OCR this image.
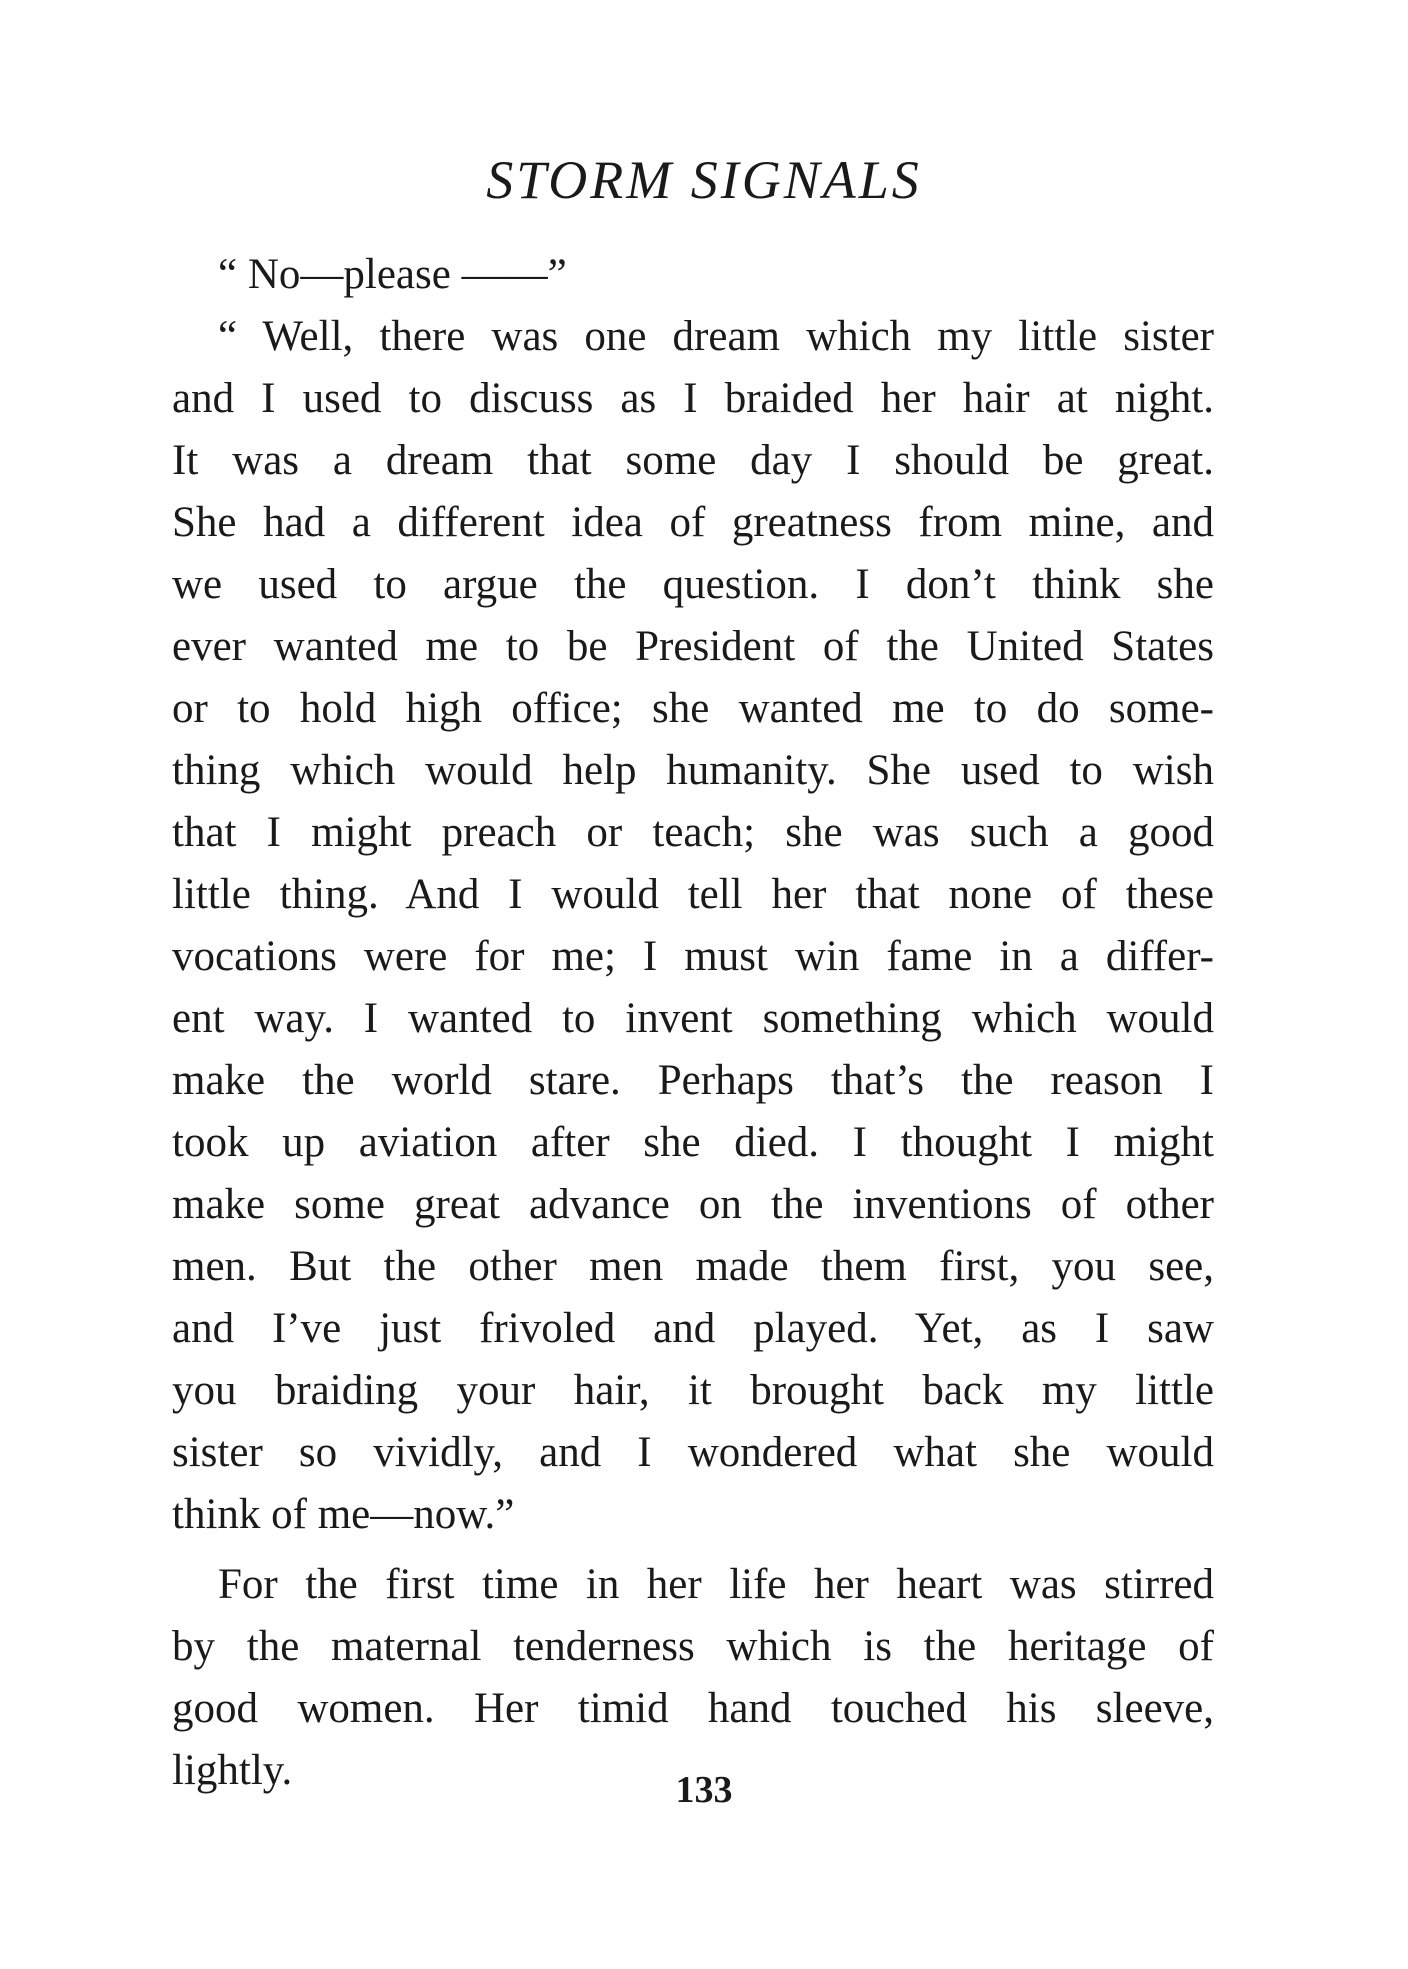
STORM SIGNALS
“ No—please ——”
“ Well, there was one dream which my little sister
and I used to discuss as I braided her hair at night.
It was a dream that some day I should be great.
She had a different idea of greatness from mine, and
we used to argue the question. I don’t think she
ever wanted me to be President of the United States
or to hold high office; she wanted me to do some-
thing which would help humanity. She used to wish
that I might preach or teach; she was such a good
little thing. And I would tell her that none of these
vocations were for me; I must win fame in a differ-
ent way. I wanted to invent something which would
make the world stare. Perhaps that’s the reason I
took up aviation after she died. I thought I might
make some great advance on the inventions of other
men. But the other men made them first, you see,
and I’ve just frivoled and played. Yet, as I saw
you braiding your hair, it brought back my little
sister so vividly, and I wondered what she would
think of me—now.”
For the first time in her life her heart was stirred
by the maternal tenderness which is the heritage of
good women. Her timid hand touched his sleeve,
lightly.	133
